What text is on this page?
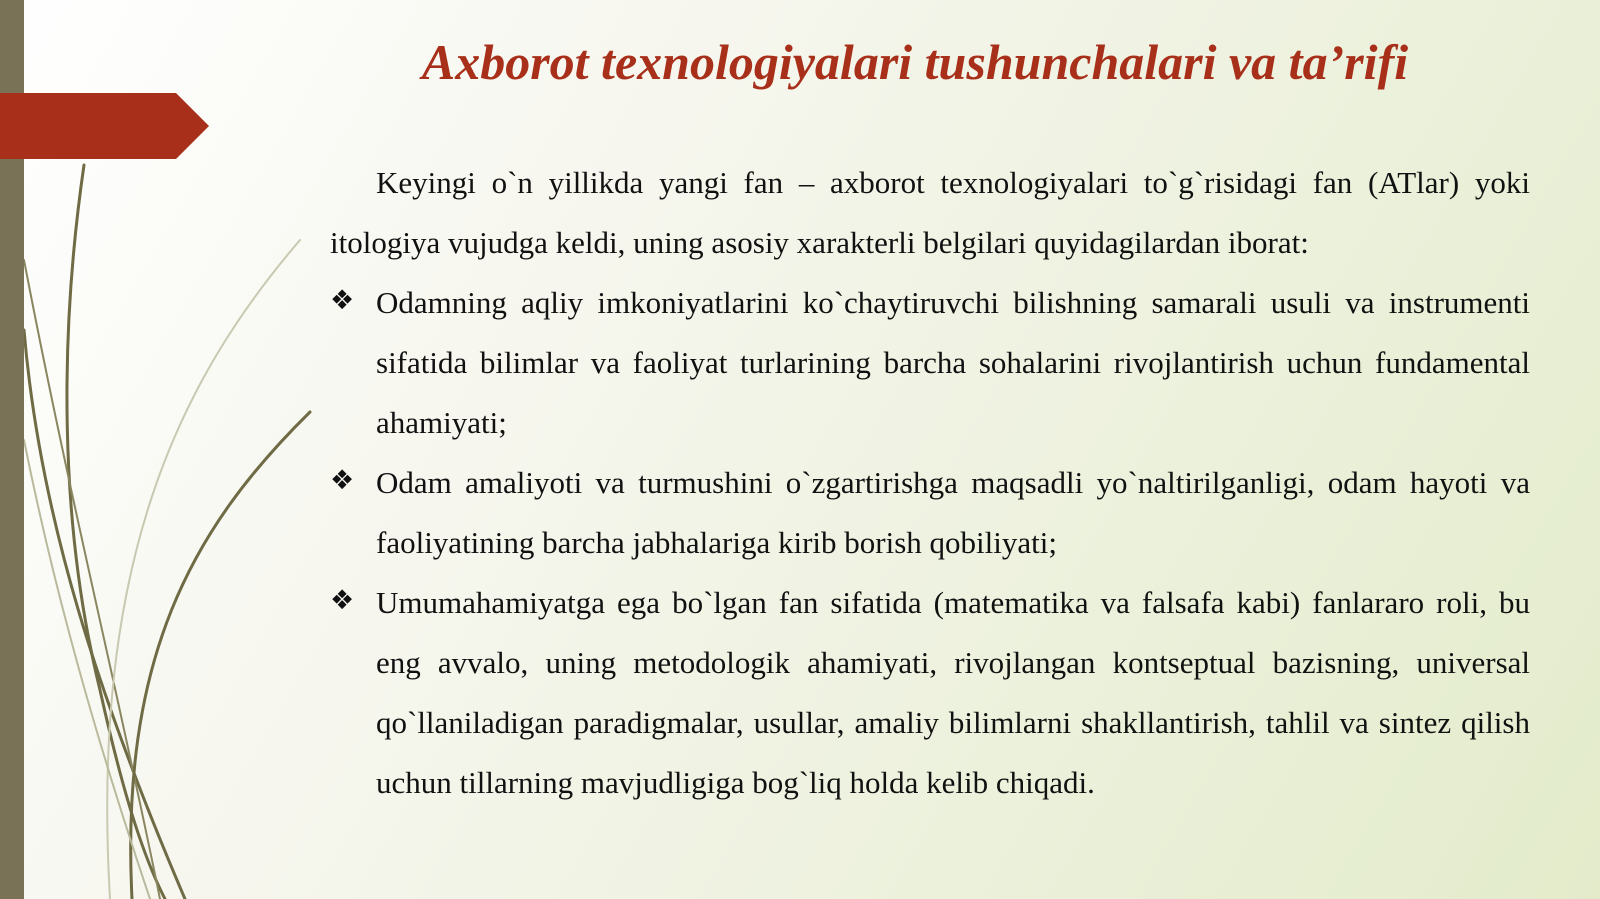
Axborot texnologiyalari tushunchalari va ta’rifi

Keyingi o`n yillikda yangi fan – axborot texnologiyalari to`g`risidagi fan (ATlar) yoki itologiya vujudga keldi, uning asosiy xarakterli belgilari quyidagilardan iborat:

❖ Odamning aqliy imkoniyatlarini ko`chaytiruvchi bilishning samarali usuli va instrumenti sifatida bilimlar va faoliyat turlarining barcha sohalarini rivojlantirish uchun fundamental ahamiyati;
❖ Odam amaliyoti va turmushini o`zgartirishga maqsadli yo`naltirilganligi, odam hayoti va faoliyatining barcha jabhalariga kirib borish qobiliyati;
❖ Umumahamiyatga ega bo`lgan fan sifatida (matematika va falsafa kabi) fanlararo roli, bu eng avvalo, uning metodologik ahamiyati, rivojlangan kontseptual bazisning, universal qo`llaniladigan paradigmalar, usullar, amaliy bilimlarni shakllantirish, tahlil va sintez qilish uchun tillarning mavjudligiga bog`liq holda kelib chiqadi.
